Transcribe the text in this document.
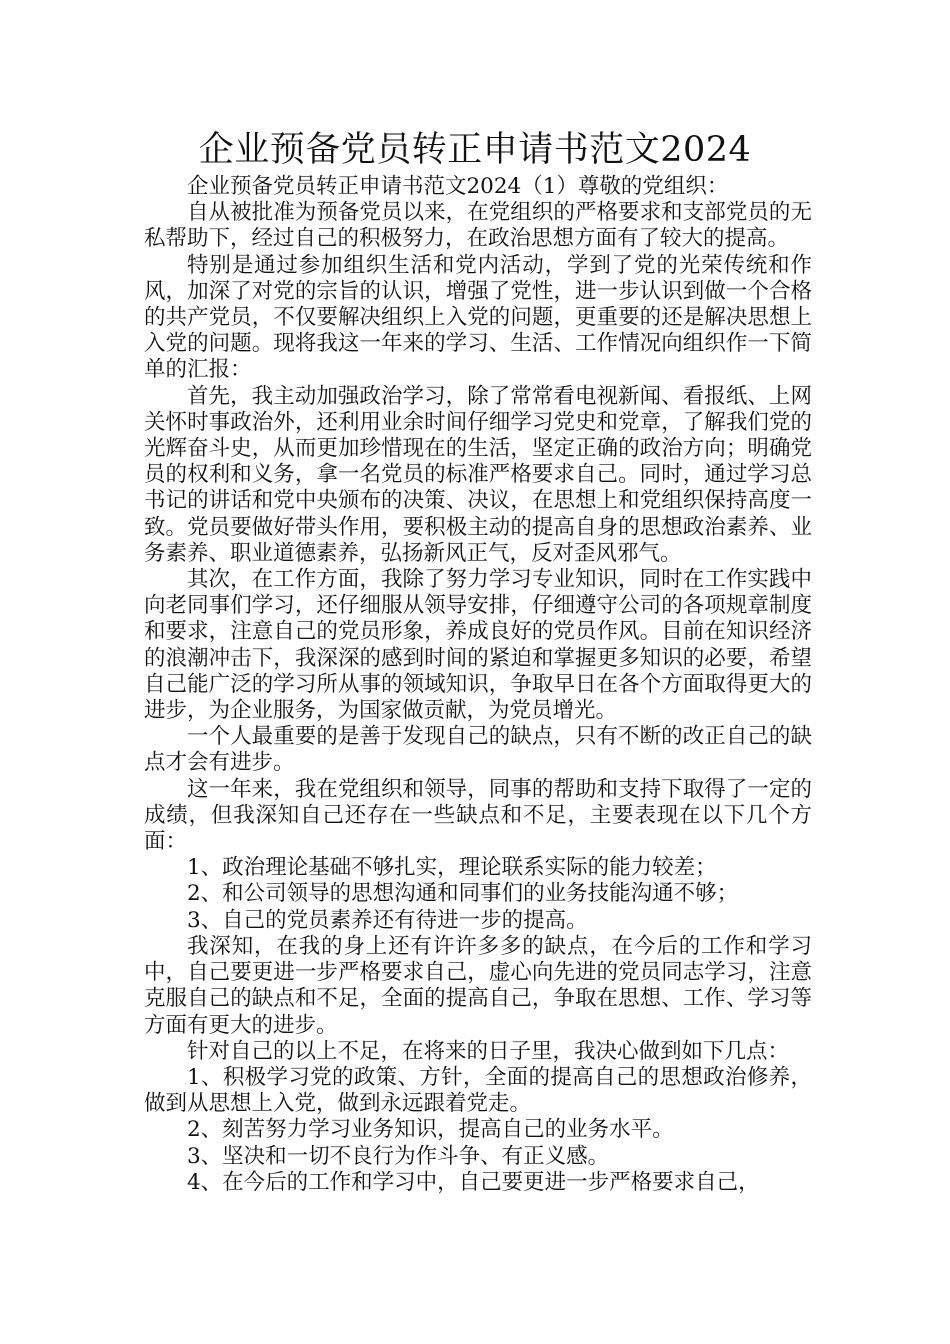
企业预备党员转正申请书范文2024

企业预备党员转正申请书范文2024（1）尊敬的党组织：

自从被批准为预备党员以来，在党组织的严格要求和支部党员的无私帮助下，经过自己的积极努力，在政治思想方面有了较大的提高。

特别是通过参加组织生活和党内活动，学到了党的光荣传统和作风，加深了对党的宗旨的认识，增强了党性，进一步认识到做一个合格的共产党员，不仅要解决组织上入党的问题，更重要的还是解决思想上入党的问题。现将我这一年来的学习、生活、工作情况向组织作一下简单的汇报：

首先，我主动加强政治学习，除了常常看电视新闻、看报纸、上网关怀时事政治外，还利用业余时间仔细学习党史和党章，了解我们党的光辉奋斗史，从而更加珍惜现在的生活，坚定正确的政治方向；明确党员的权利和义务，拿一名党员的标准严格要求自己。同时，通过学习总书记的讲话和党中央颁布的决策、决议，在思想上和党组织保持高度一致。党员要做好带头作用，要积极主动的提高自身的思想政治素养、业务素养、职业道德素养，弘扬新风正气，反对歪风邪气。

其次，在工作方面，我除了努力学习专业知识，同时在工作实践中向老同事们学习，还仔细服从领导安排，仔细遵守公司的各项规章制度和要求，注意自己的党员形象，养成良好的党员作风。目前在知识经济的浪潮冲击下，我深深的感到时间的紧迫和掌握更多知识的必要，希望自己能广泛的学习所从事的领域知识，争取早日在各个方面取得更大的进步，为企业服务，为国家做贡献，为党员增光。

一个人最重要的是善于发现自己的缺点，只有不断的改正自己的缺点才会有进步。

这一年来，我在党组织和领导，同事的帮助和支持下取得了一定的成绩，但我深知自己还存在一些缺点和不足，主要表现在以下几个方面：

1、政治理论基础不够扎实，理论联系实际的能力较差；

2、和公司领导的思想沟通和同事们的业务技能沟通不够；

3、自己的党员素养还有待进一步的提高。

我深知，在我的身上还有许许多多的缺点，在今后的工作和学习中，自己要更进一步严格要求自己，虚心向先进的党员同志学习，注意克服自己的缺点和不足，全面的提高自己，争取在思想、工作、学习等方面有更大的进步。

针对自己的以上不足，在将来的日子里，我决心做到如下几点：

1、积极学习党的政策、方针，全面的提高自己的思想政治修养，做到从思想上入党，做到永远跟着党走。

2、刻苦努力学习业务知识，提高自己的业务水平。

3、坚决和一切不良行为作斗争、有正义感。

4、在今后的工作和学习中，自己要更进一步严格要求自己，
